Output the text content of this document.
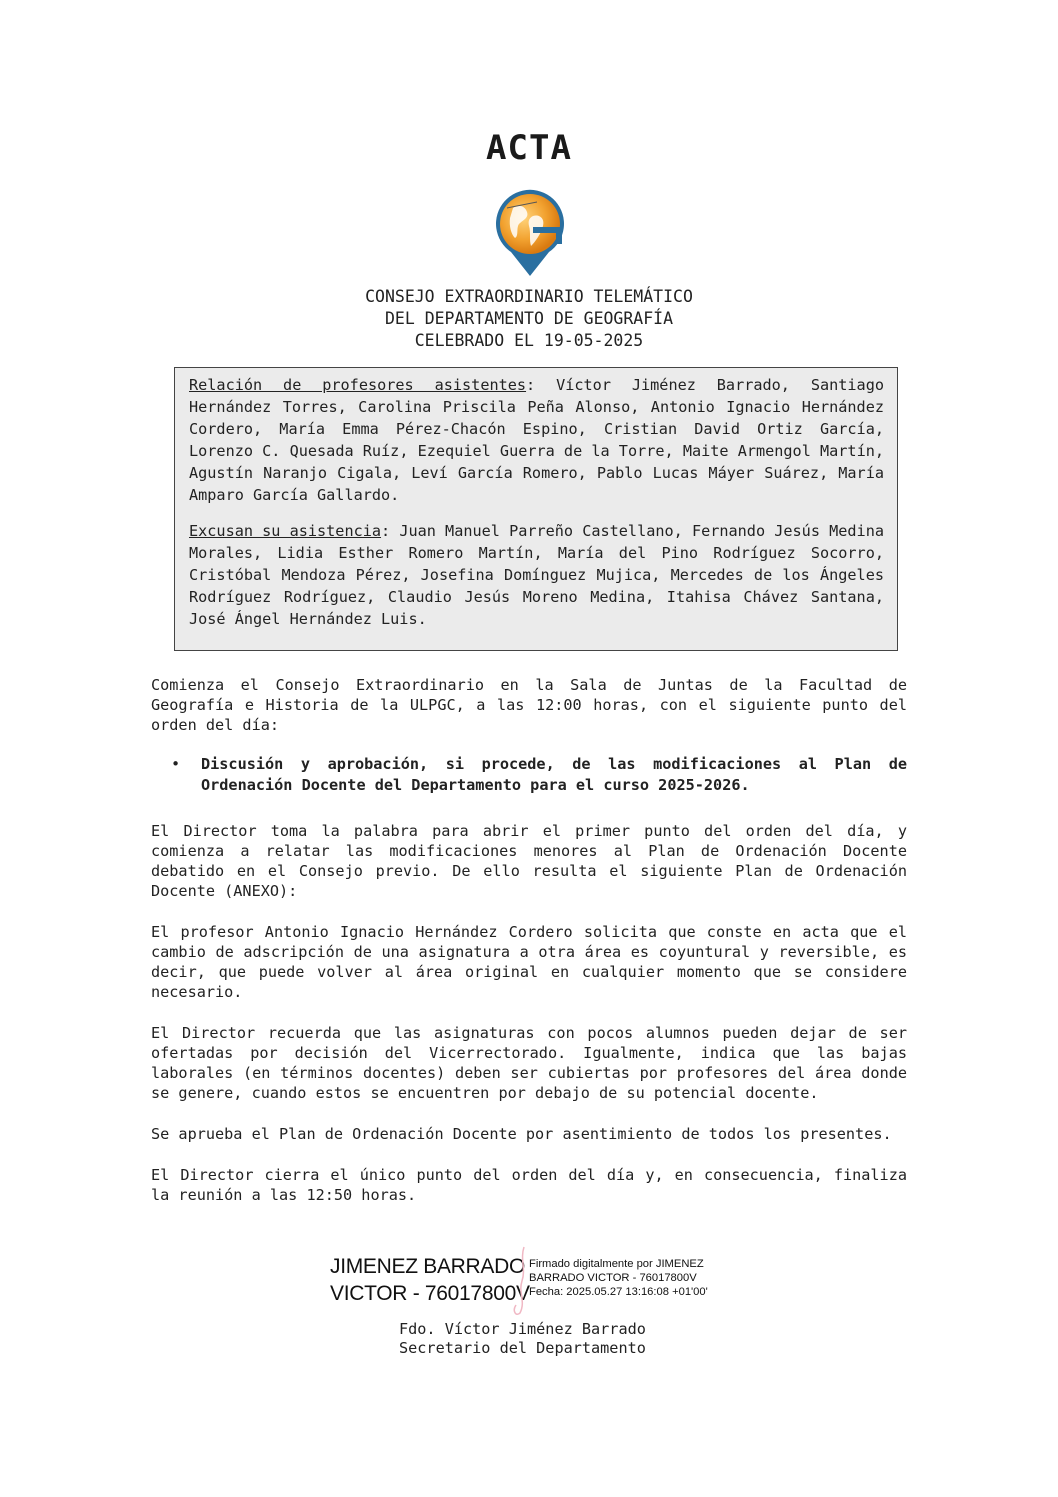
ACTA
CONSEJO EXTRAORDINARIO TELEMÁTICO
DEL DEPARTAMENTO DE GEOGRAFÍA
CELEBRADO EL 19-05-2025

Relación de profesores asistentes: Víctor Jiménez Barrado, Santiago Hernández Torres, Carolina Priscila Peña Alonso, Antonio Ignacio Hernández Cordero, María Emma Pérez-Chacón Espino, Cristian David Ortiz García, Lorenzo C. Quesada Ruíz, Ezequiel Guerra de la Torre, Maite Armengol Martín, Agustín Naranjo Cigala, Leví García Romero, Pablo Lucas Máyer Suárez, María Amparo García Gallardo.

Excusan su asistencia: Juan Manuel Parreño Castellano, Fernando Jesús Medina Morales, Lidia Esther Romero Martín, María del Pino Rodríguez Socorro, Cristóbal Mendoza Pérez, Josefina Domínguez Mujica, Mercedes de los Ángeles Rodríguez Rodríguez, Claudio Jesús Moreno Medina, Itahisa Chávez Santana, José Ángel Hernández Luis.

Comienza el Consejo Extraordinario en la Sala de Juntas de la Facultad de Geografía e Historia de la ULPGC, a las 12:00 horas, con el siguiente punto del orden del día:

• Discusión y aprobación, si procede, de las modificaciones al Plan de Ordenación Docente del Departamento para el curso 2025-2026.

El Director toma la palabra para abrir el primer punto del orden del día, y comienza a relatar las modificaciones menores al Plan de Ordenación Docente debatido en el Consejo previo. De ello resulta el siguiente Plan de Ordenación Docente (ANEXO):

El profesor Antonio Ignacio Hernández Cordero solicita que conste en acta que el cambio de adscripción de una asignatura a otra área es coyuntural y reversible, es decir, que puede volver al área original en cualquier momento que se considere necesario.

El Director recuerda que las asignaturas con pocos alumnos pueden dejar de ser ofertadas por decisión del Vicerrectorado. Igualmente, indica que las bajas laborales (en términos docentes) deben ser cubiertas por profesores del área donde se genere, cuando estos se encuentren por debajo de su potencial docente.

Se aprueba el Plan de Ordenación Docente por asentimiento de todos los presentes.

El Director cierra el único punto del orden del día y, en consecuencia, finaliza la reunión a las 12:50 horas.

JIMENEZ BARRADO
VICTOR - 76017800V
Firmado digitalmente por JIMENEZ
BARRADO VICTOR - 76017800V
Fecha: 2025.05.27 13:16:08 +01'00'
Fdo. Víctor Jiménez Barrado
Secretario del Departamento
